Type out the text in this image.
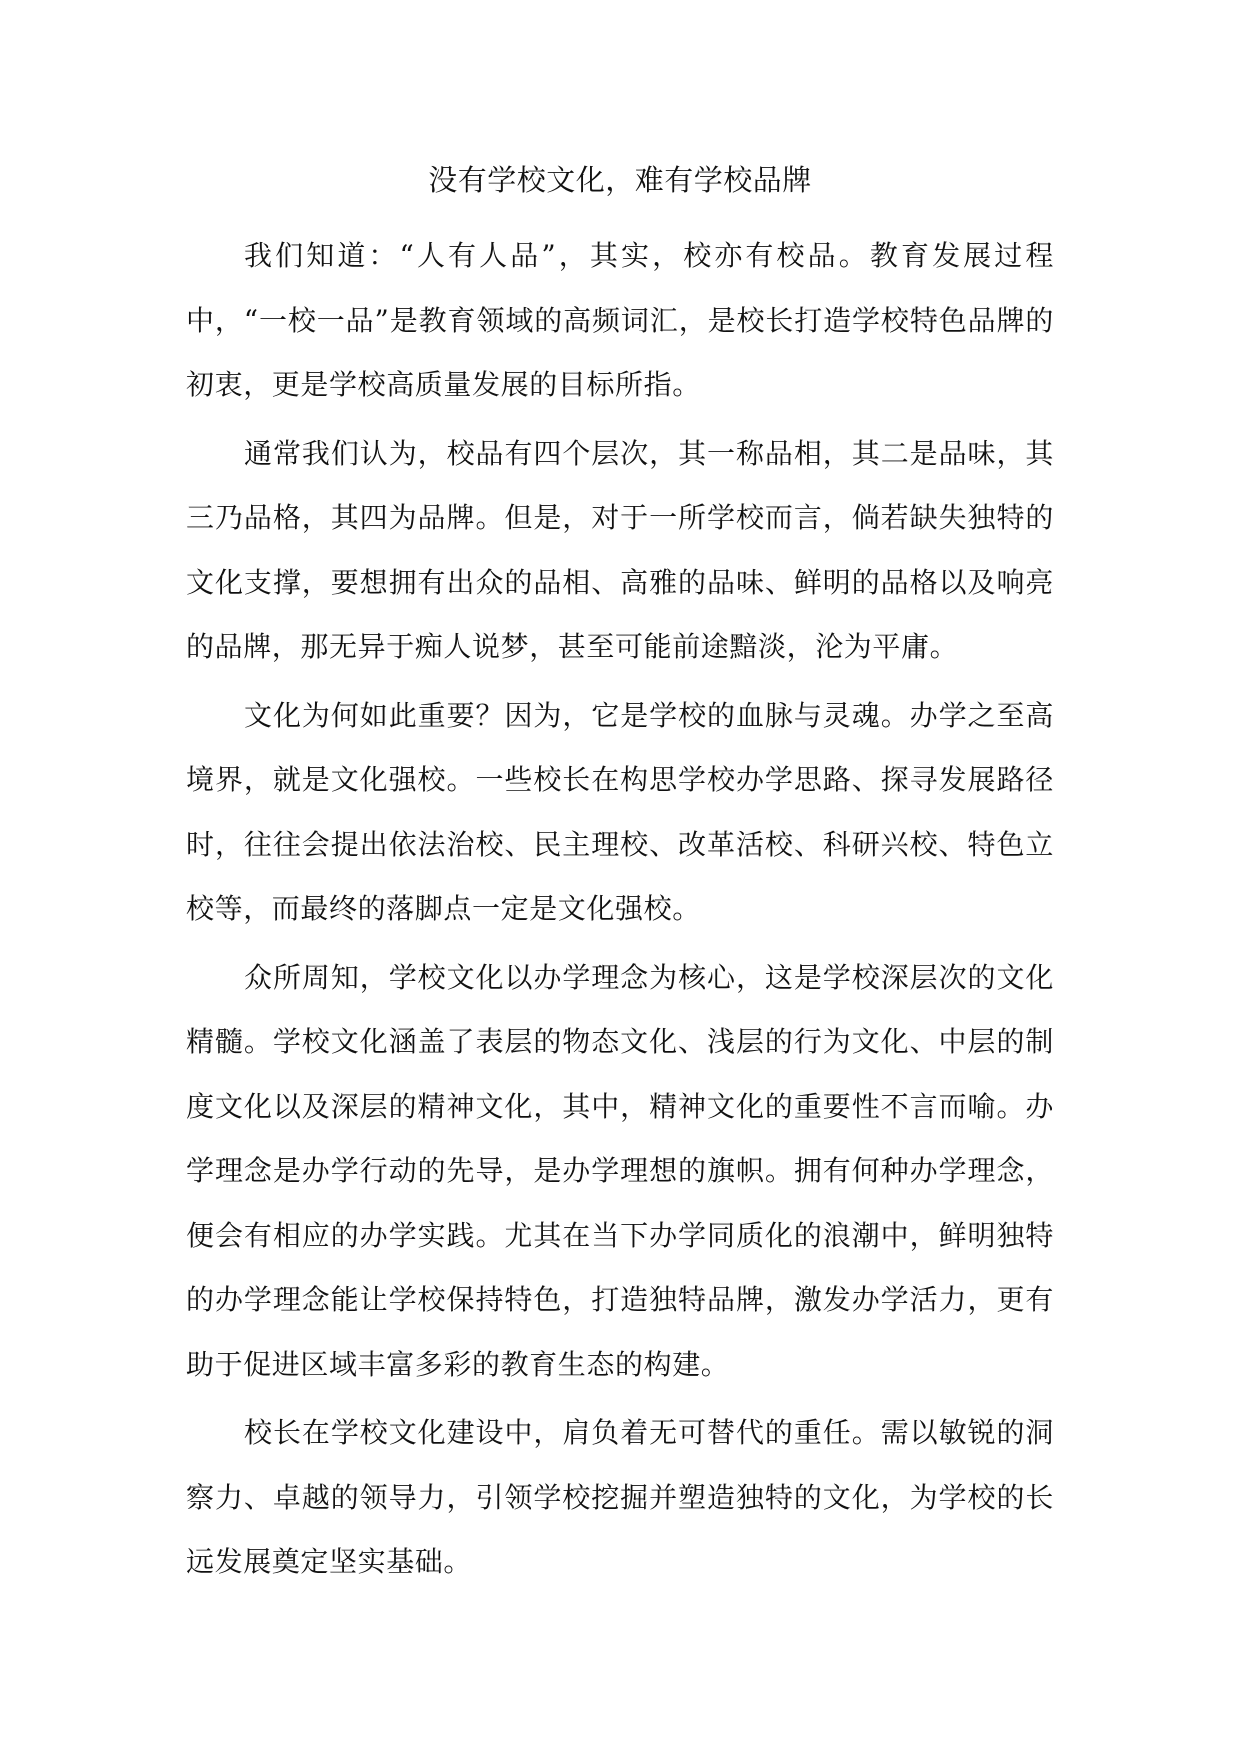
没有学校文化，难有学校品牌

我们知道：“人有人品”，其实，校亦有校品。教育发展过程中，“一校一品”是教育领域的高频词汇，是校长打造学校特色品牌的初衷，更是学校高质量发展的目标所指。

通常我们认为，校品有四个层次，其一称品相，其二是品味，其三乃品格，其四为品牌。但是，对于一所学校而言，倘若缺失独特的文化支撑，要想拥有出众的品相、高雅的品味、鲜明的品格以及响亮的品牌，那无异于痴人说梦，甚至可能前途黯淡，沦为平庸。

文化为何如此重要？因为，它是学校的血脉与灵魂。办学之至高境界，就是文化强校。一些校长在构思学校办学思路、探寻发展路径时，往往会提出依法治校、民主理校、改革活校、科研兴校、特色立校等，而最终的落脚点一定是文化强校。

众所周知，学校文化以办学理念为核心，这是学校深层次的文化精髓。学校文化涵盖了表层的物态文化、浅层的行为文化、中层的制度文化以及深层的精神文化，其中，精神文化的重要性不言而喻。办学理念是办学行动的先导，是办学理想的旗帜。拥有何种办学理念，便会有相应的办学实践。尤其在当下办学同质化的浪潮中，鲜明独特的办学理念能让学校保持特色，打造独特品牌，激发办学活力，更有助于促进区域丰富多彩的教育生态的构建。

校长在学校文化建设中，肩负着无可替代的重任。需以敏锐的洞察力、卓越的领导力，引领学校挖掘并塑造独特的文化，为学校的长远发展奠定坚实基础。
